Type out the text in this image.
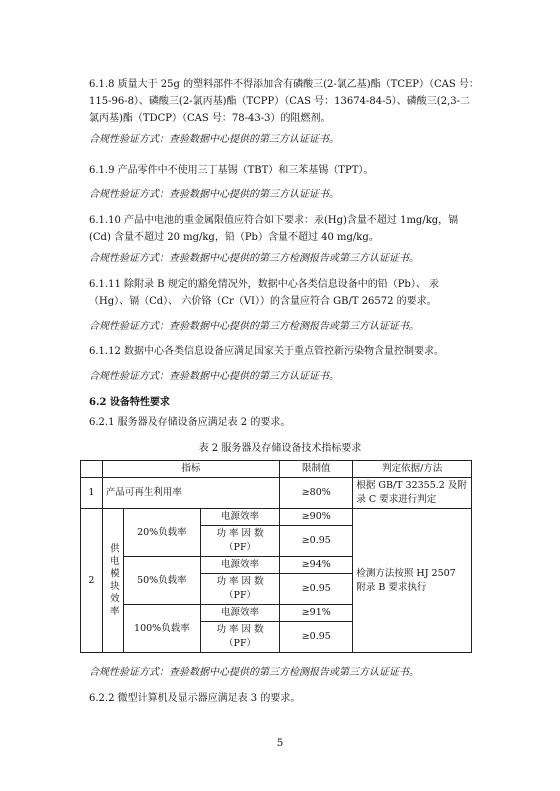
6.1.8 质量大于 25g 的塑料部件不得添加含有磷酸三(2-氯乙基)酯（TCEP）（CAS 号：115-96-8）、磷酸三(2-氯丙基)酯（TCPP）（CAS 号：13674-84-5）、磷酸三(2,3-二氯丙基)酯（TDCP）（CAS 号：78-43-3）的阻燃剂。

合规性验证方式：查验数据中心提供的第三方认证证书。

6.1.9 产品零件中不使用三丁基锡（TBT）和三苯基锡（TPT）。

合规性验证方式：查验数据中心提供的第三方认证证书。

6.1.10 产品中电池的重金属限值应符合如下要求：汞(Hg)含量不超过 1mg/kg，镉(Cd) 含量不超过 20 mg/kg，铅（Pb）含量不超过 40 mg/kg。

合规性验证方式：查验数据中心提供的第三方检测报告或第三方认证证书。

6.1.11 除附录 B 规定的豁免情况外，数据中心各类信息设备中的铅（Pb）、 汞（Hg）、镉（Cd）、 六价铬（Cr（VI））的含量应符合 GB/T 26572 的要求。

合规性验证方式：查验数据中心提供的第三方检测报告或第三方认证证书。

6.1.12 数据中心各类信息设备应满足国家关于重点管控新污染物含量控制要求。

合规性验证方式：查验数据中心提供的第三方认证证书。

6.2 设备特性要求

6.2.1 服务器及存储设备应满足表 2 的要求。

表 2 服务器及存储设备技术指标要求

	指标			限制值	判定依据/方法
1	产品可再生利用率			≥80%	根据 GB/T 32355.2 及附录 C 要求进行判定
2	供电模块效率	20%负载率	电源效率	≥90%	检测方法按照 HJ 2507 附录 B 要求执行
			功 率 因 数（PF）	≥0.95	
		50%负载率	电源效率	≥94%	
			功 率 因 数（PF）	≥0.95	
		100%负载率	电源效率	≥91%	
			功 率 因 数（PF）	≥0.95	

合规性验证方式：查验数据中心提供的第三方检测报告或第三方认证证书。

6.2.2 微型计算机及显示器应满足表 3 的要求。

5
